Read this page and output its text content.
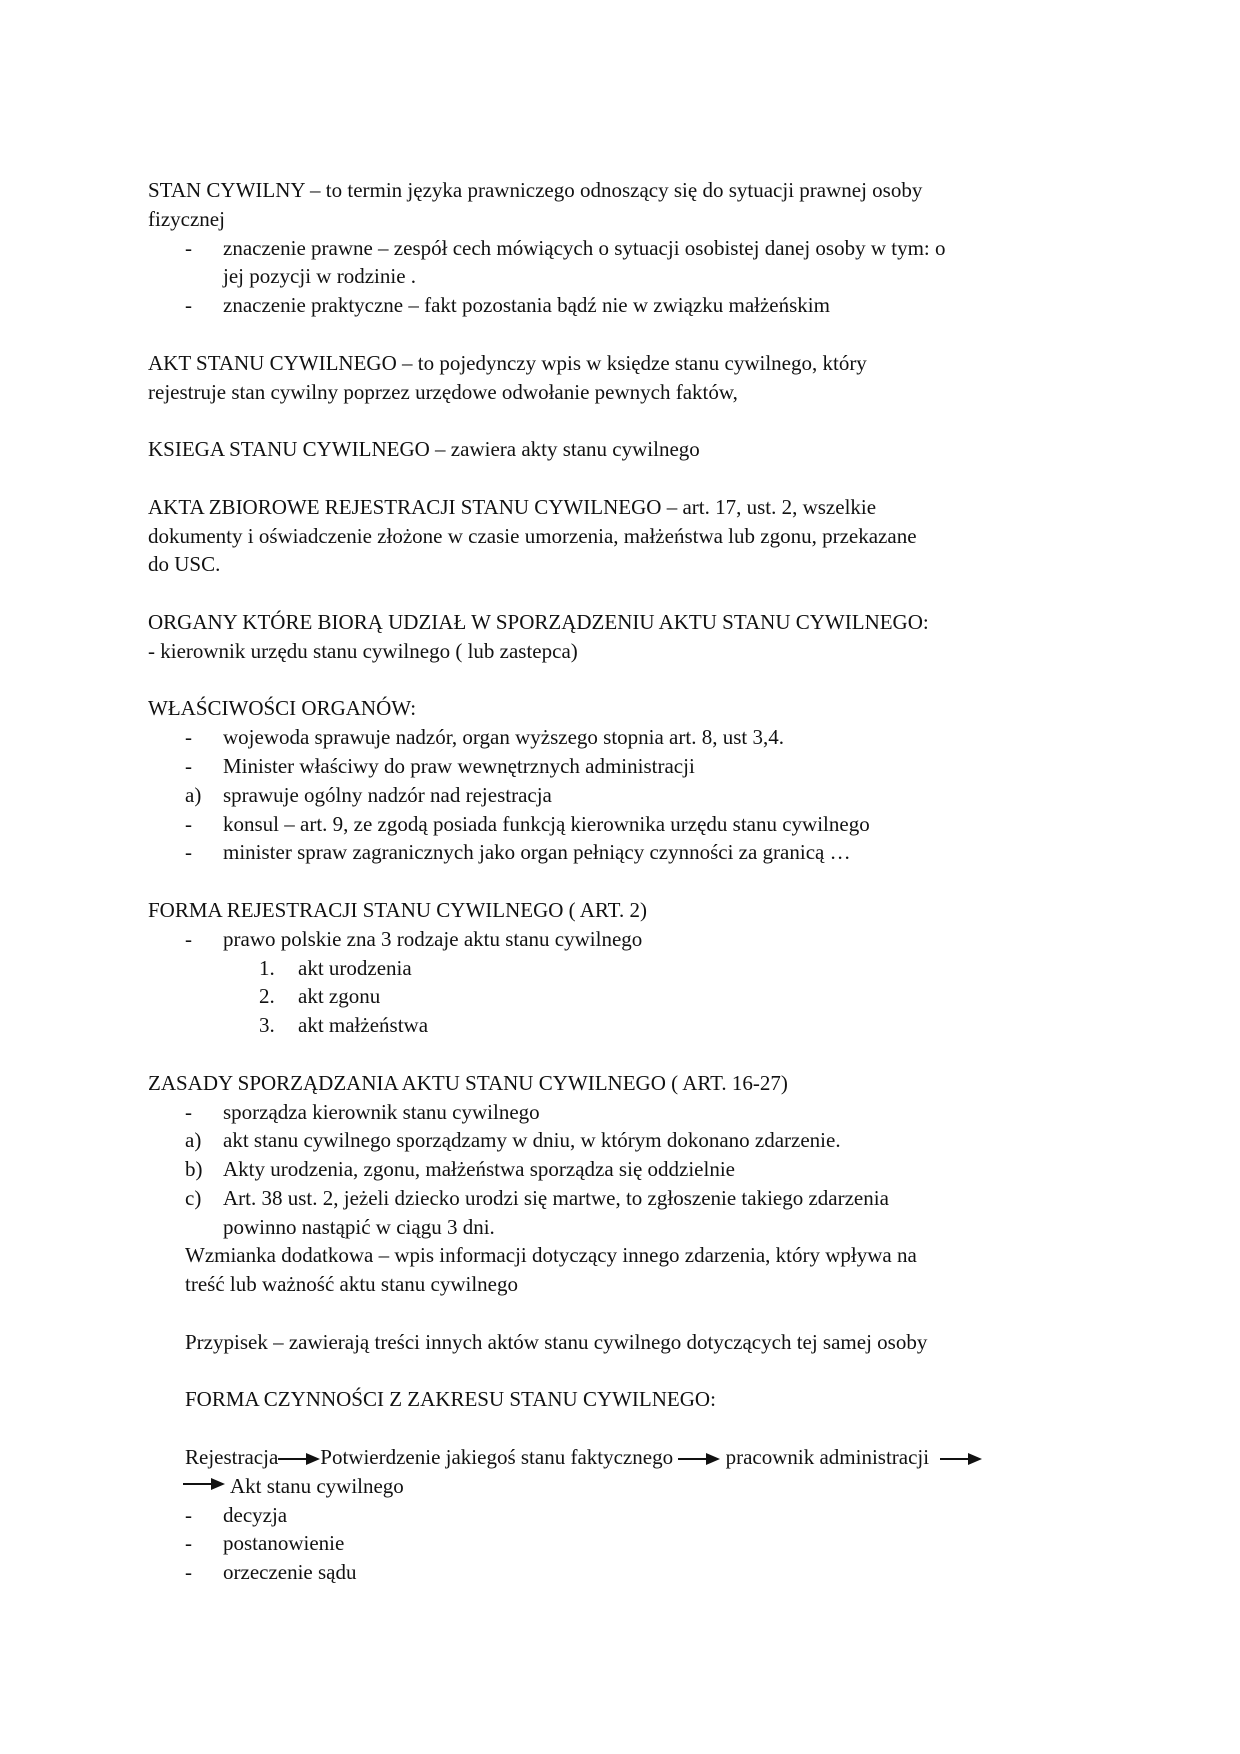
STAN CYWILNY – to termin języka prawniczego odnoszący się do sytuacji prawnej osoby

fizycznej

- znaczenie prawne – zespół cech mówiących o sytuacji osobistej danej osoby w tym: o

jej pozycji w rodzinie .

- znaczenie praktyczne – fakt pozostania bądź nie w związku małżeńskim

AKT STANU CYWILNEGO – to pojedynczy wpis w księdze stanu cywilnego, który

rejestruje stan cywilny poprzez urzędowe odwołanie pewnych faktów,

KSIEGA STANU CYWILNEGO – zawiera akty stanu cywilnego

AKTA ZBIOROWE REJESTRACJI STANU CYWILNEGO – art. 17, ust. 2, wszelkie

dokumenty i oświadczenie złożone w czasie umorzenia, małżeństwa lub zgonu, przekazane

do USC.

ORGANY KTÓRE BIORĄ UDZIAŁ W SPORZĄDZENIU AKTU STANU CYWILNEGO:

- kierownik urzędu stanu cywilnego ( lub zastepca)

WŁAŚCIWOŚCI ORGANÓW:

- wojewoda sprawuje nadzór, organ wyższego stopnia art. 8, ust 3,4.

- Minister właściwy do praw wewnętrznych administracji

a) sprawuje ogólny nadzór nad rejestracja

- konsul – art. 9, ze zgodą posiada funkcją kierownika urzędu stanu cywilnego

- minister spraw zagranicznych jako organ pełniący czynności za granicą …

FORMA REJESTRACJI STANU CYWILNEGO ( ART. 2)

- prawo polskie zna 3 rodzaje aktu stanu cywilnego

1. akt urodzenia

2. akt zgonu

3. akt małżeństwa

ZASADY SPORZĄDZANIA AKTU STANU CYWILNEGO ( ART. 16-27)

- sporządza kierownik stanu cywilnego

a) akt stanu cywilnego sporządzamy w dniu, w którym dokonano zdarzenie.

b) Akty urodzenia, zgonu, małżeństwa sporządza się oddzielnie

c) Art. 38 ust. 2, jeżeli dziecko urodzi się martwe, to zgłoszenie takiego zdarzenia

powinno nastąpić w ciągu 3 dni.

Wzmianka dodatkowa – wpis informacji dotyczący innego zdarzenia, który wpływa na

treść lub ważność aktu stanu cywilnego

Przypisek – zawierają treści innych aktów stanu cywilnego dotyczących tej samej osoby

FORMA CZYNNOŚCI Z ZAKRESU STANU CYWILNEGO:

Rejestracja Potwierdzenie jakiegoś stanu faktycznego	pracownik administracji
Akt stanu cywilnego
- decyzja

- postanowienie

- orzeczenie sądu
